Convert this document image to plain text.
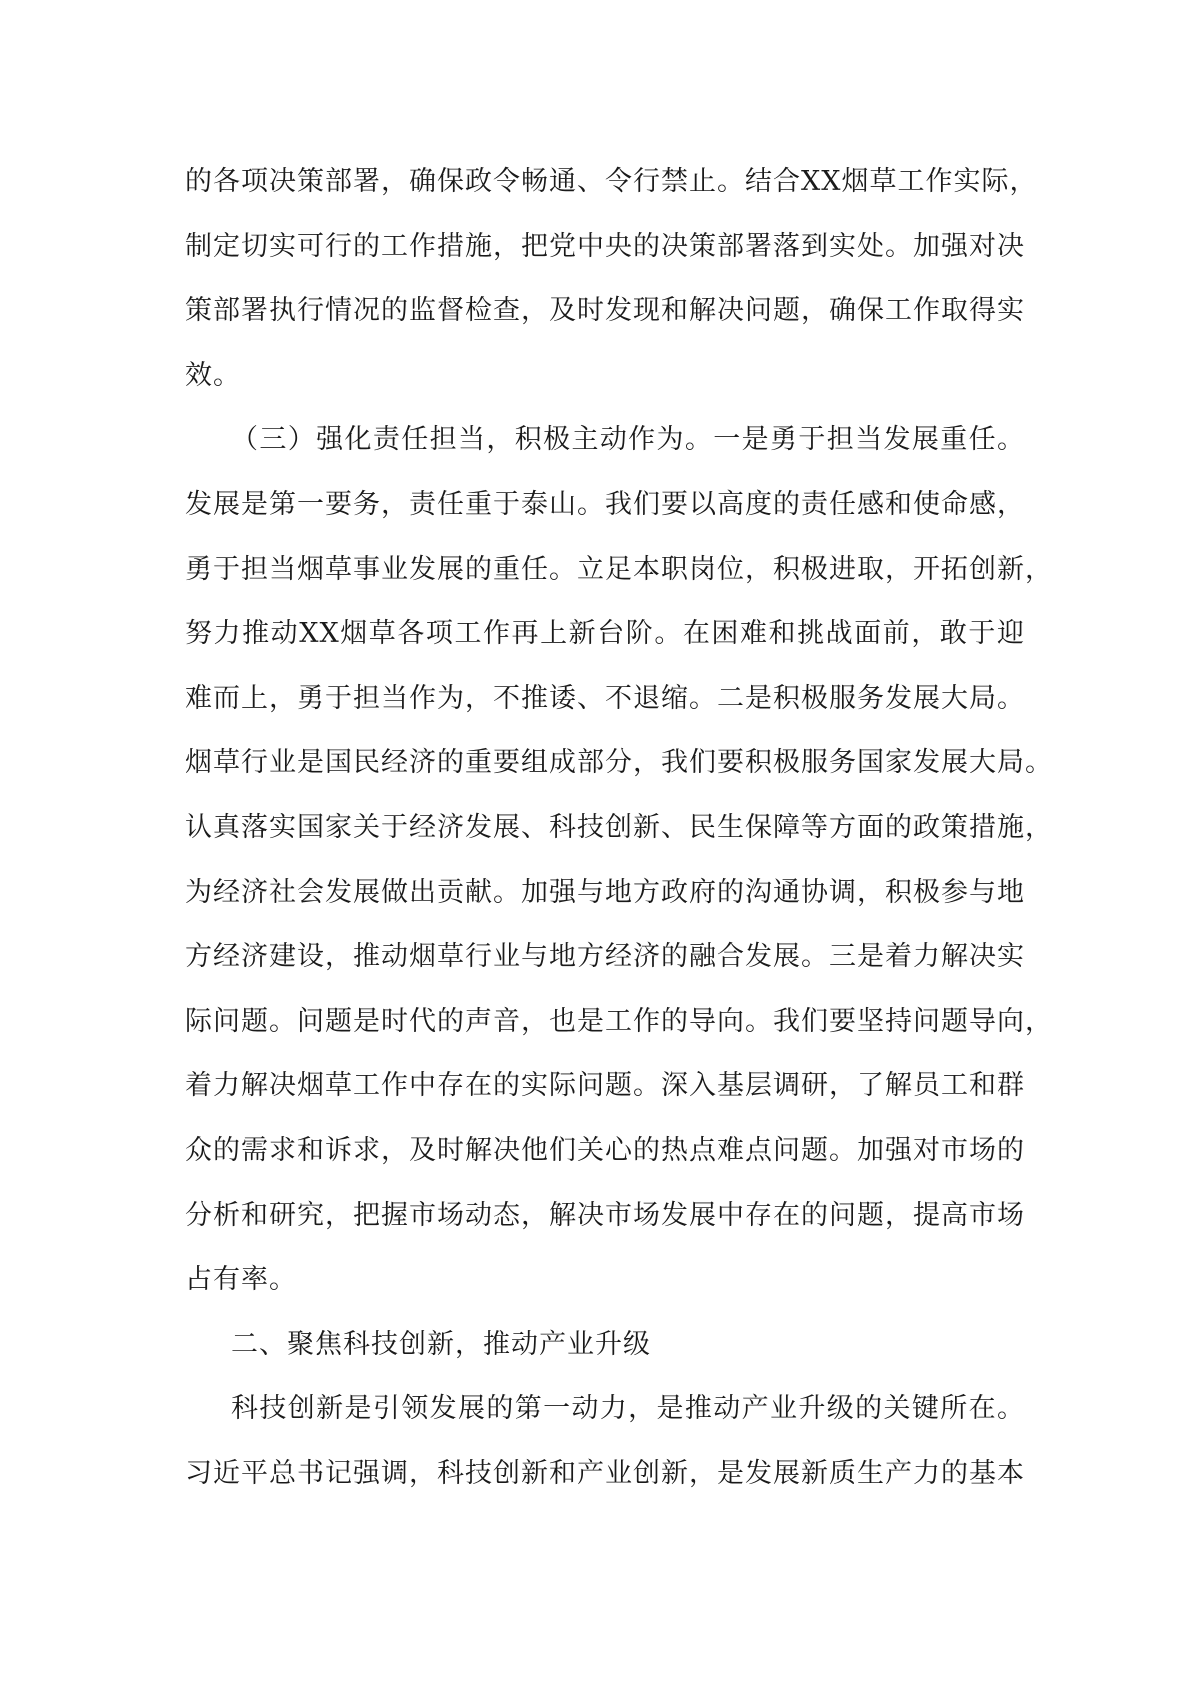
的各项决策部署，确保政令畅通、令行禁止。结合XX烟草工作实际，
制定切实可行的工作措施，把党中央的决策部署落到实处。加强对决
策部署执行情况的监督检查，及时发现和解决问题，确保工作取得实
效。
（三）强化责任担当，积极主动作为。一是勇于担当发展重任。
发展是第一要务，责任重于泰山。我们要以高度的责任感和使命感，
勇于担当烟草事业发展的重任。立足本职岗位，积极进取，开拓创新，
努力推动XX烟草各项工作再上新台阶。在困难和挑战面前，敢于迎
难而上，勇于担当作为，不推诿、不退缩。二是积极服务发展大局。
烟草行业是国民经济的重要组成部分，我们要积极服务国家发展大局。
认真落实国家关于经济发展、科技创新、民生保障等方面的政策措施，
为经济社会发展做出贡献。加强与地方政府的沟通协调，积极参与地
方经济建设，推动烟草行业与地方经济的融合发展。三是着力解决实
际问题。问题是时代的声音，也是工作的导向。我们要坚持问题导向，
着力解决烟草工作中存在的实际问题。深入基层调研，了解员工和群
众的需求和诉求，及时解决他们关心的热点难点问题。加强对市场的
分析和研究，把握市场动态，解决市场发展中存在的问题，提高市场
占有率。
二、聚焦科技创新，推动产业升级
科技创新是引领发展的第一动力，是推动产业升级的关键所在。
习近平总书记强调，科技创新和产业创新，是发展新质生产力的基本
